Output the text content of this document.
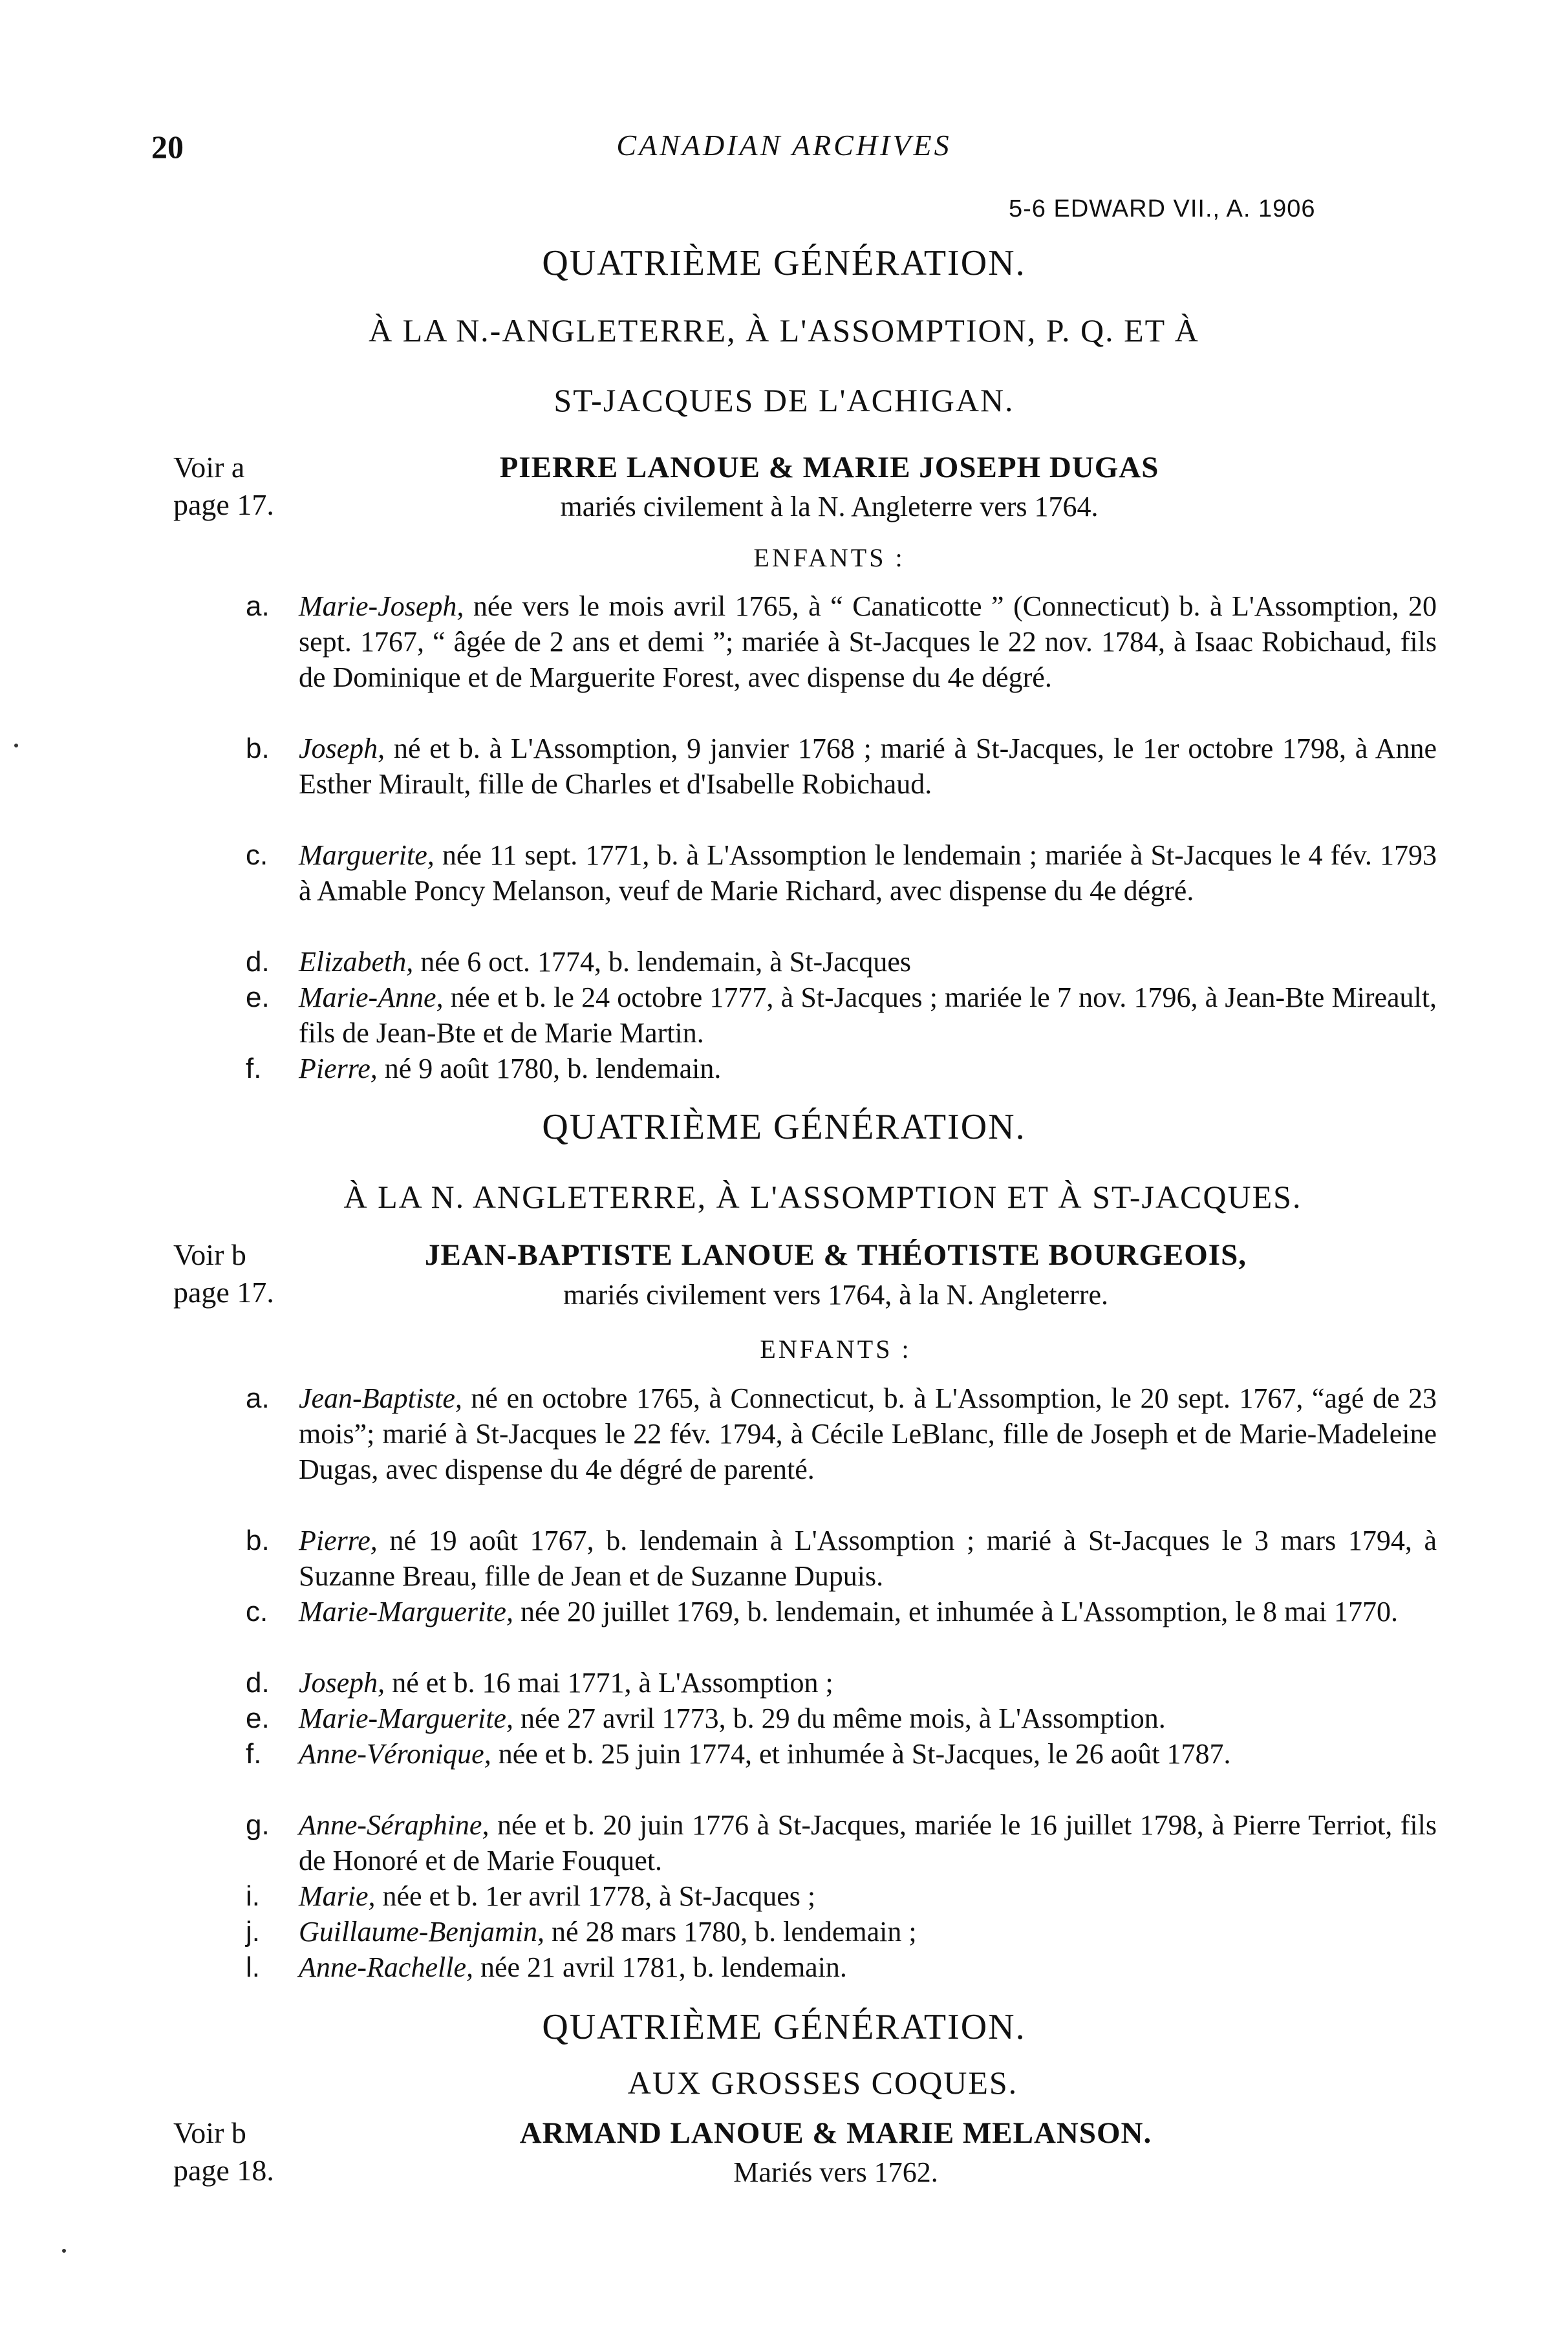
20	CANADIAN ARCHIVES
5-6 EDWARD VII., A. 1906
QUATRIÈME GÉNÉRATION.
À LA N.-ANGLETERRE, À L'ASSOMPTION, P. Q. ET À
ST-JACQUES DE L'ACHIGAN.
Voir a
page 17.
PIERRE LANOUE & MARIE JOSEPH DUGAS
mariés civilement à la N. Angleterre vers 1764.
ENFANTS :
a. Marie-Joseph, née vers le mois avril 1765, à “ Canaticotte ” (Connecticut) b. à L'Assomption, 20 sept. 1767, “ âgée de 2 ans et demi ”; mariée à St-Jacques le 22 nov. 1784, à Isaac Robichaud, fils de Dominique et de Marguerite Forest, avec dispense du 4e dégré.
b. Joseph, né et b. à L'Assomption, 9 janvier 1768 ; marié à St-Jacques, le 1er octobre 1798, à Anne Esther Mirault, fille de Charles et d'Isabelle Robichaud.
c. Marguerite, née 11 sept. 1771, b. à L'Assomption le lendemain ; mariée à St-Jacques le 4 fév. 1793 à Amable Poncy Melanson, veuf de Marie Richard, avec dispense du 4e dégré.
d. Elizabeth, née 6 oct. 1774, b. lendemain, à St-Jacques
e. Marie-Anne, née et b. le 24 octobre 1777, à St-Jacques ; mariée le 7 nov. 1796, à Jean-Bte Mireault, fils de Jean-Bte et de Marie Martin.
f. Pierre, né 9 août 1780, b. lendemain.
QUATRIÈME GÉNÉRATION.
À LA N. ANGLETERRE, À L'ASSOMPTION ET À ST-JACQUES.
Voir b
page 17.
JEAN-BAPTISTE LANOUE & THÉOTISTE BOURGEOIS,
mariés civilement vers 1764, à la N. Angleterre.
ENFANTS :
a. Jean-Baptiste, né en octobre 1765, à Connecticut, b. à L'Assomption, le 20 sept. 1767, “agé de 23 mois”; marié à St-Jacques le 22 fév. 1794, à Cécile LeBlanc, fille de Joseph et de Marie-Madeleine Dugas, avec dispense du 4e dégré de parenté.
b. Pierre, né 19 août 1767, b. lendemain à L'Assomption ; marié à St-Jacques le 3 mars 1794, à Suzanne Breau, fille de Jean et de Suzanne Dupuis.
c. Marie-Marguerite, née 20 juillet 1769, b. lendemain, et inhumée à L'Assomption, le 8 mai 1770.
d. Joseph, né et b. 16 mai 1771, à L'Assomption ;
e. Marie-Marguerite, née 27 avril 1773, b. 29 du même mois, à L'Assomption.
f. Anne-Véronique, née et b. 25 juin 1774, et inhumée à St-Jacques, le 26 août 1787.
g. Anne-Séraphine, née et b. 20 juin 1776 à St-Jacques, mariée le 16 juillet 1798, à Pierre Terriot, fils de Honoré et de Marie Fouquet.
i. Marie, née et b. 1er avril 1778, à St-Jacques ;
j. Guillaume-Benjamin, né 28 mars 1780, b. lendemain ;
l. Anne-Rachelle, née 21 avril 1781, b. lendemain.
QUATRIÈME GÉNÉRATION.
AUX GROSSES COQUES.
Voir b
page 18.
ARMAND LANOUE & MARIE MELANSON.
Mariés vers 1762.
